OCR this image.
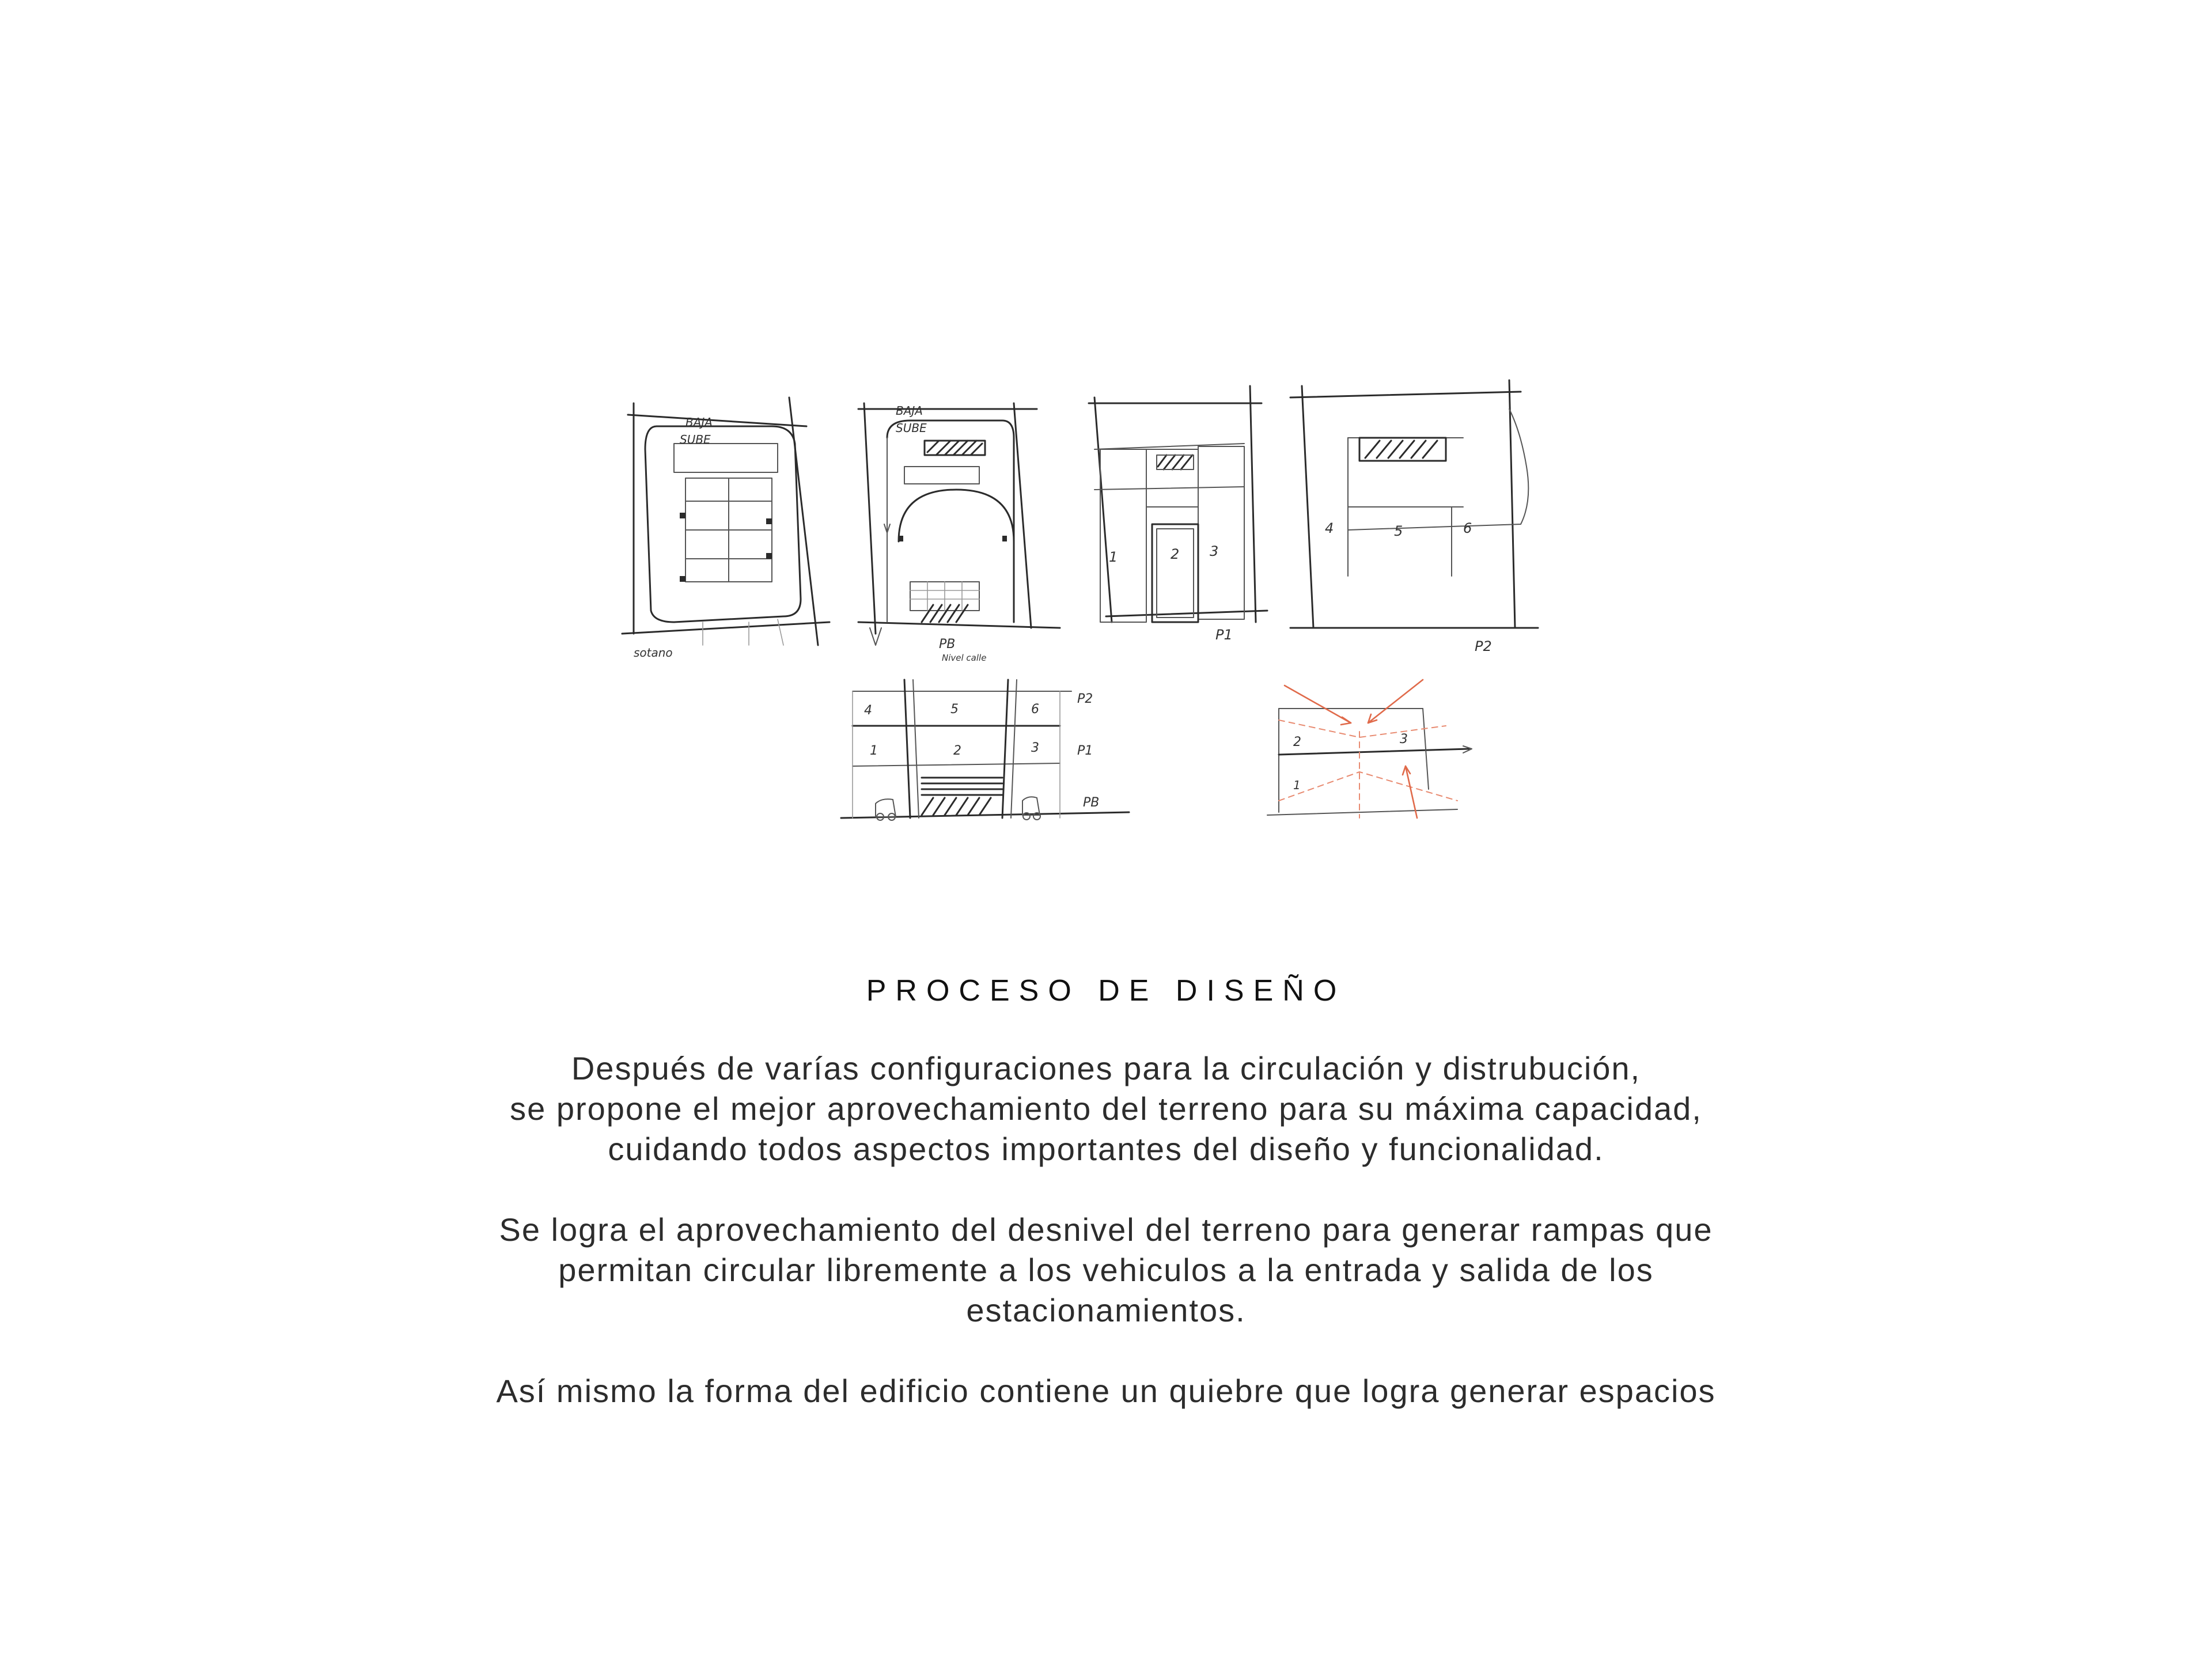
BAJA
SUBE
sotano
BAJA
SUBE
PB
Nivel calle
1	2 3
P1
4	5	6
P2
4	5	6
1	2	3
P2
P1
PB
2	3
1
PROCESO DE DISEÑO

Después de varías configuraciones para la circulación y distrubución,
se propone el mejor aprovechamiento del terreno para su máxima capacidad,
cuidando todos aspectos importantes del diseño y funcionalidad.

Se logra el aprovechamiento del desnivel del terreno para generar rampas que
permitan circular libremente a los vehiculos a la entrada y salida de los
estacionamientos.

Así mismo la forma del edificio contiene un quiebre que logra generar espacios
